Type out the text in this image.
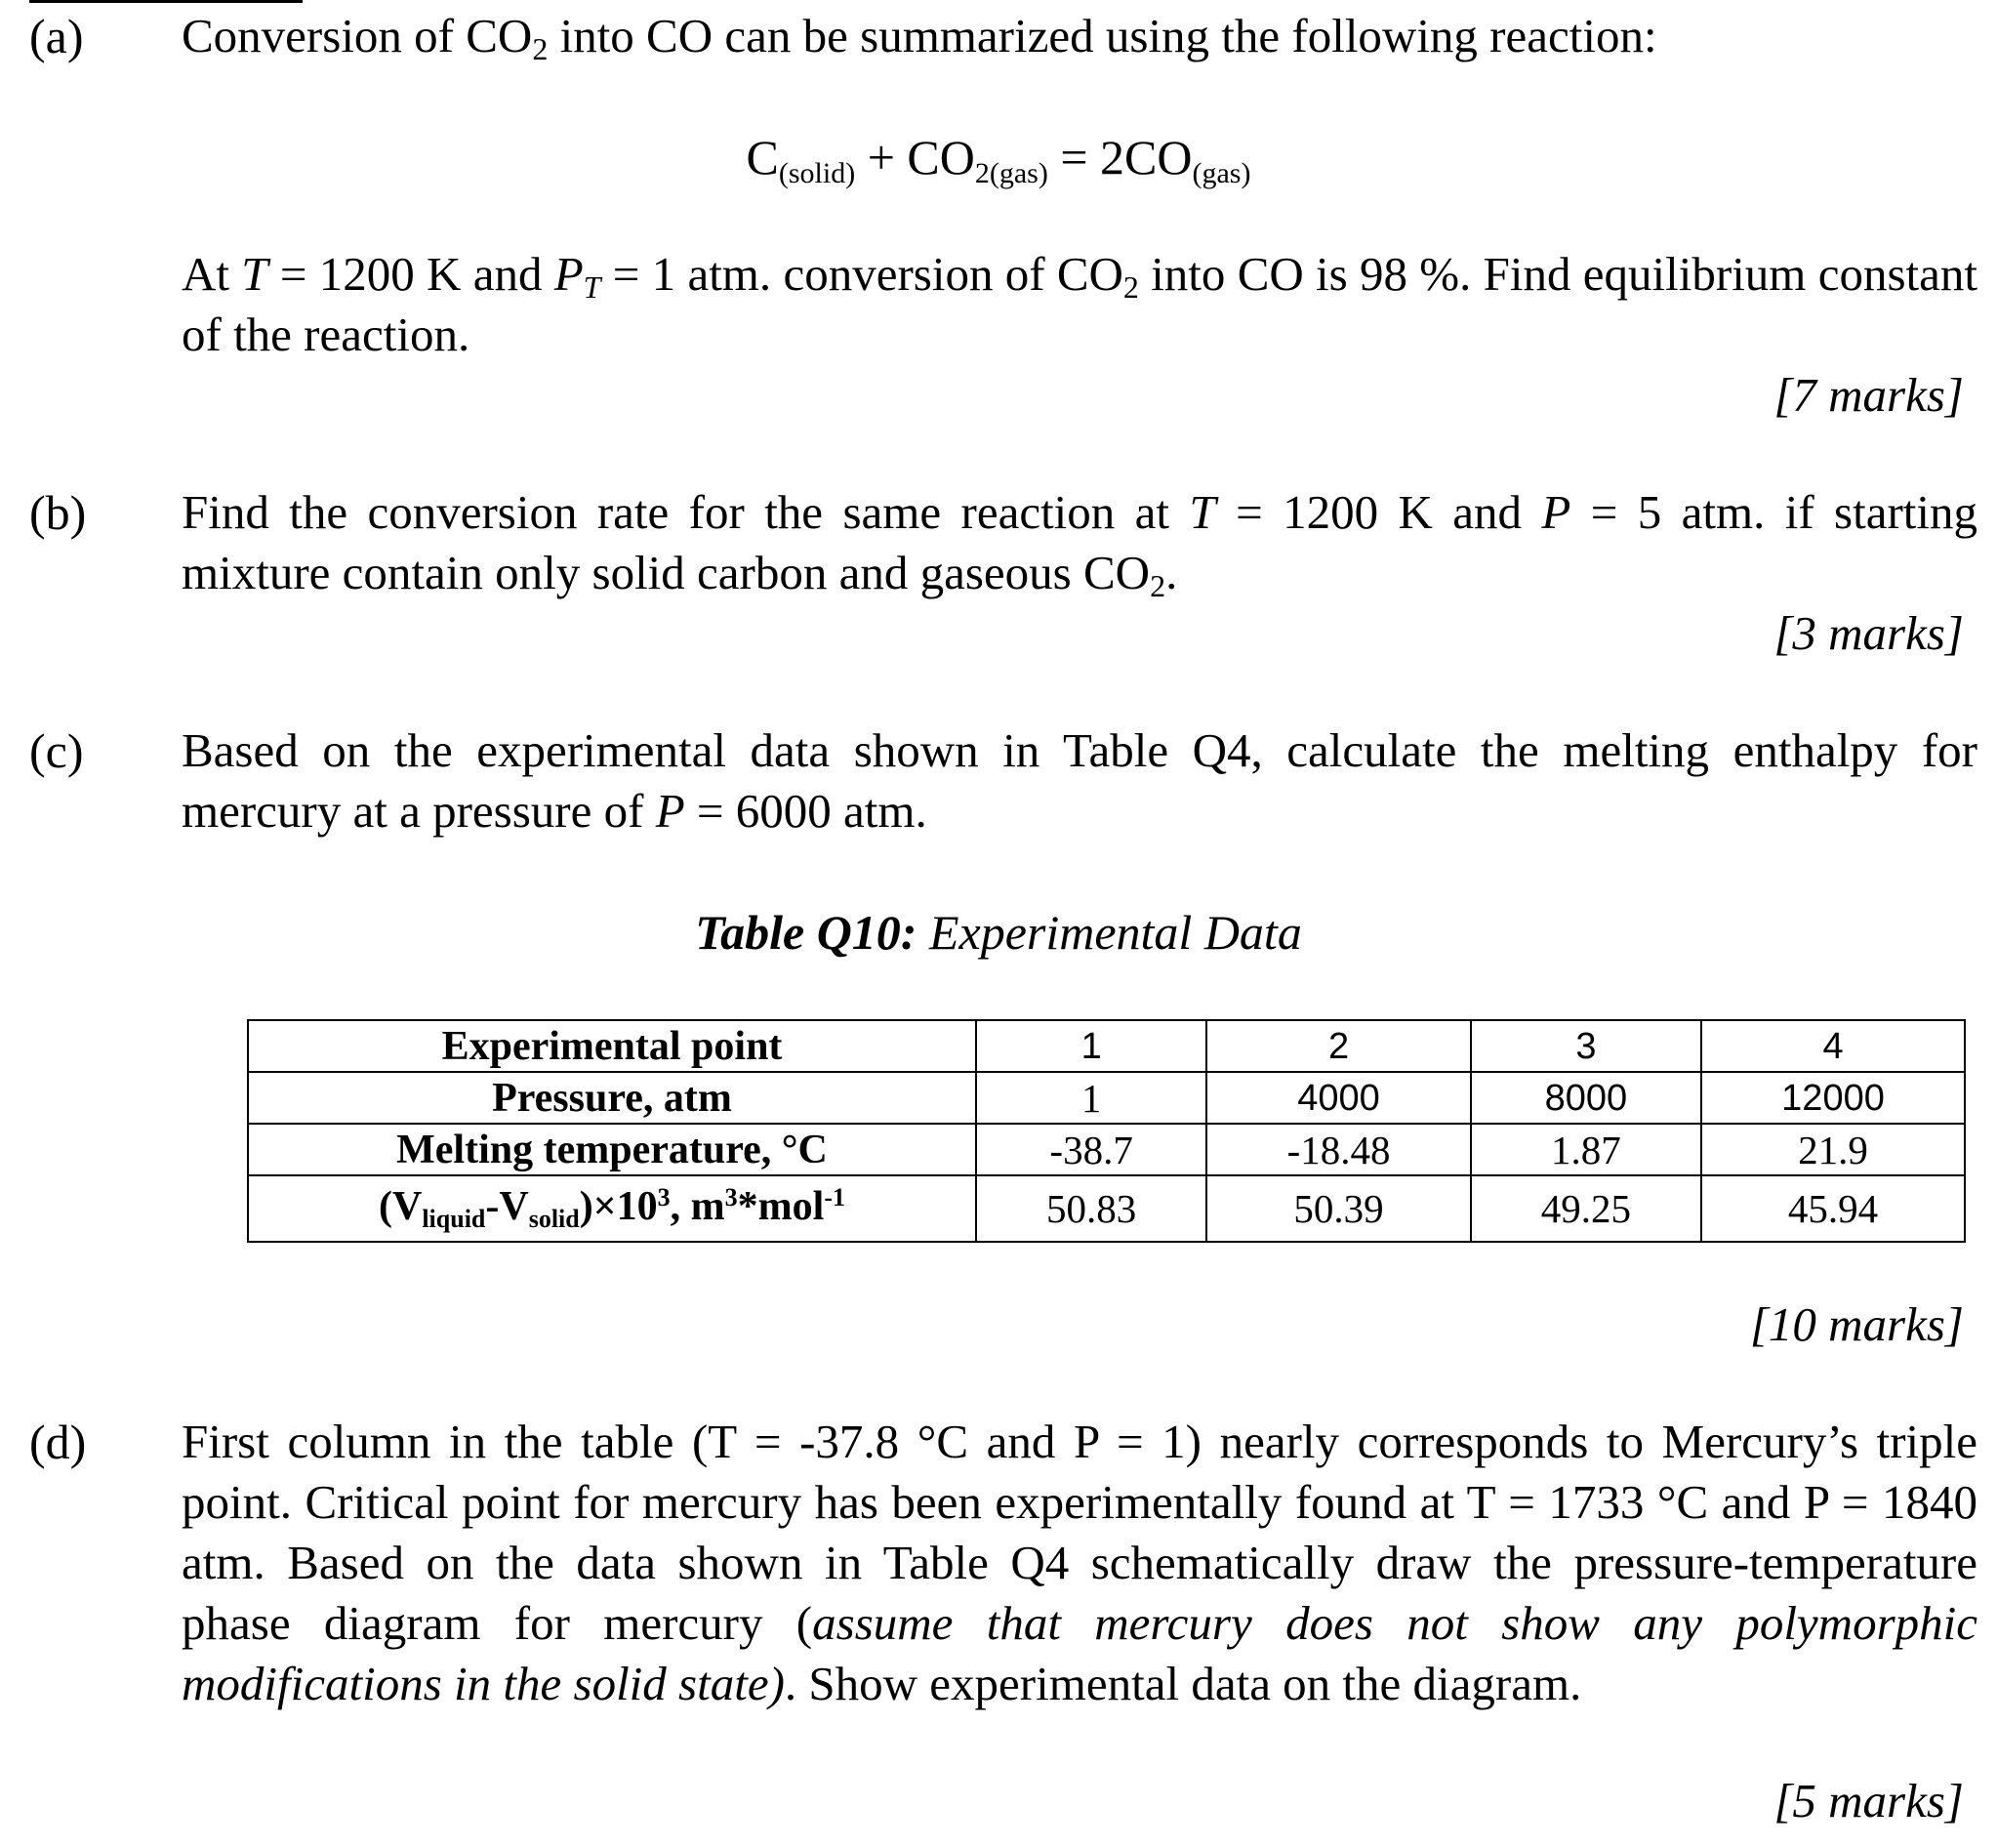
(a) Conversion of $CO_2$ into CO can be summarized using the following reaction:
$C_{(solid)} + CO_{2(gas)} = 2CO_{(gas)}$
At T = 1200 K and $P_T = 1$ atm. conversion of $CO_2$ into CO is 98 %. Find equilibrium constant of the reaction.
[7 marks]
(b) Find the conversion rate for the same reaction at T = 1200 K and P = 5 atm. if starting mixture contain only solid carbon and gaseous $CO_2$.
[3 marks]
(c) Based on the experimental data shown in Table Q4, calculate the melting enthalpy for mercury at a pressure of P = 6000 atm.
Table Q10: Experimental Data
Experimental point	1	2	3	4
Pressure, atm	1	4000	8000	12000
Melting temperature, °C	-38.7	-18.48	1.87	21.9
$(Vliquid-Vsolid)\times 10^3$, $m^3*mol^{-1}$	50.83	50.39	49.25	45.94
[10 marks]
(d) First column in the table (T = -37.8 °C and P = 1) nearly corresponds to Mercury’s triple point. Critical point for mercury has been experimentally found at T = 1733 °C and P = 1840 atm. Based on the data shown in Table Q4 schematically draw the pressure-temperature phase diagram for mercury (assume that mercury does not show any polymorphic modifications in the solid state). Show experimental data on the diagram.
[5 marks]
